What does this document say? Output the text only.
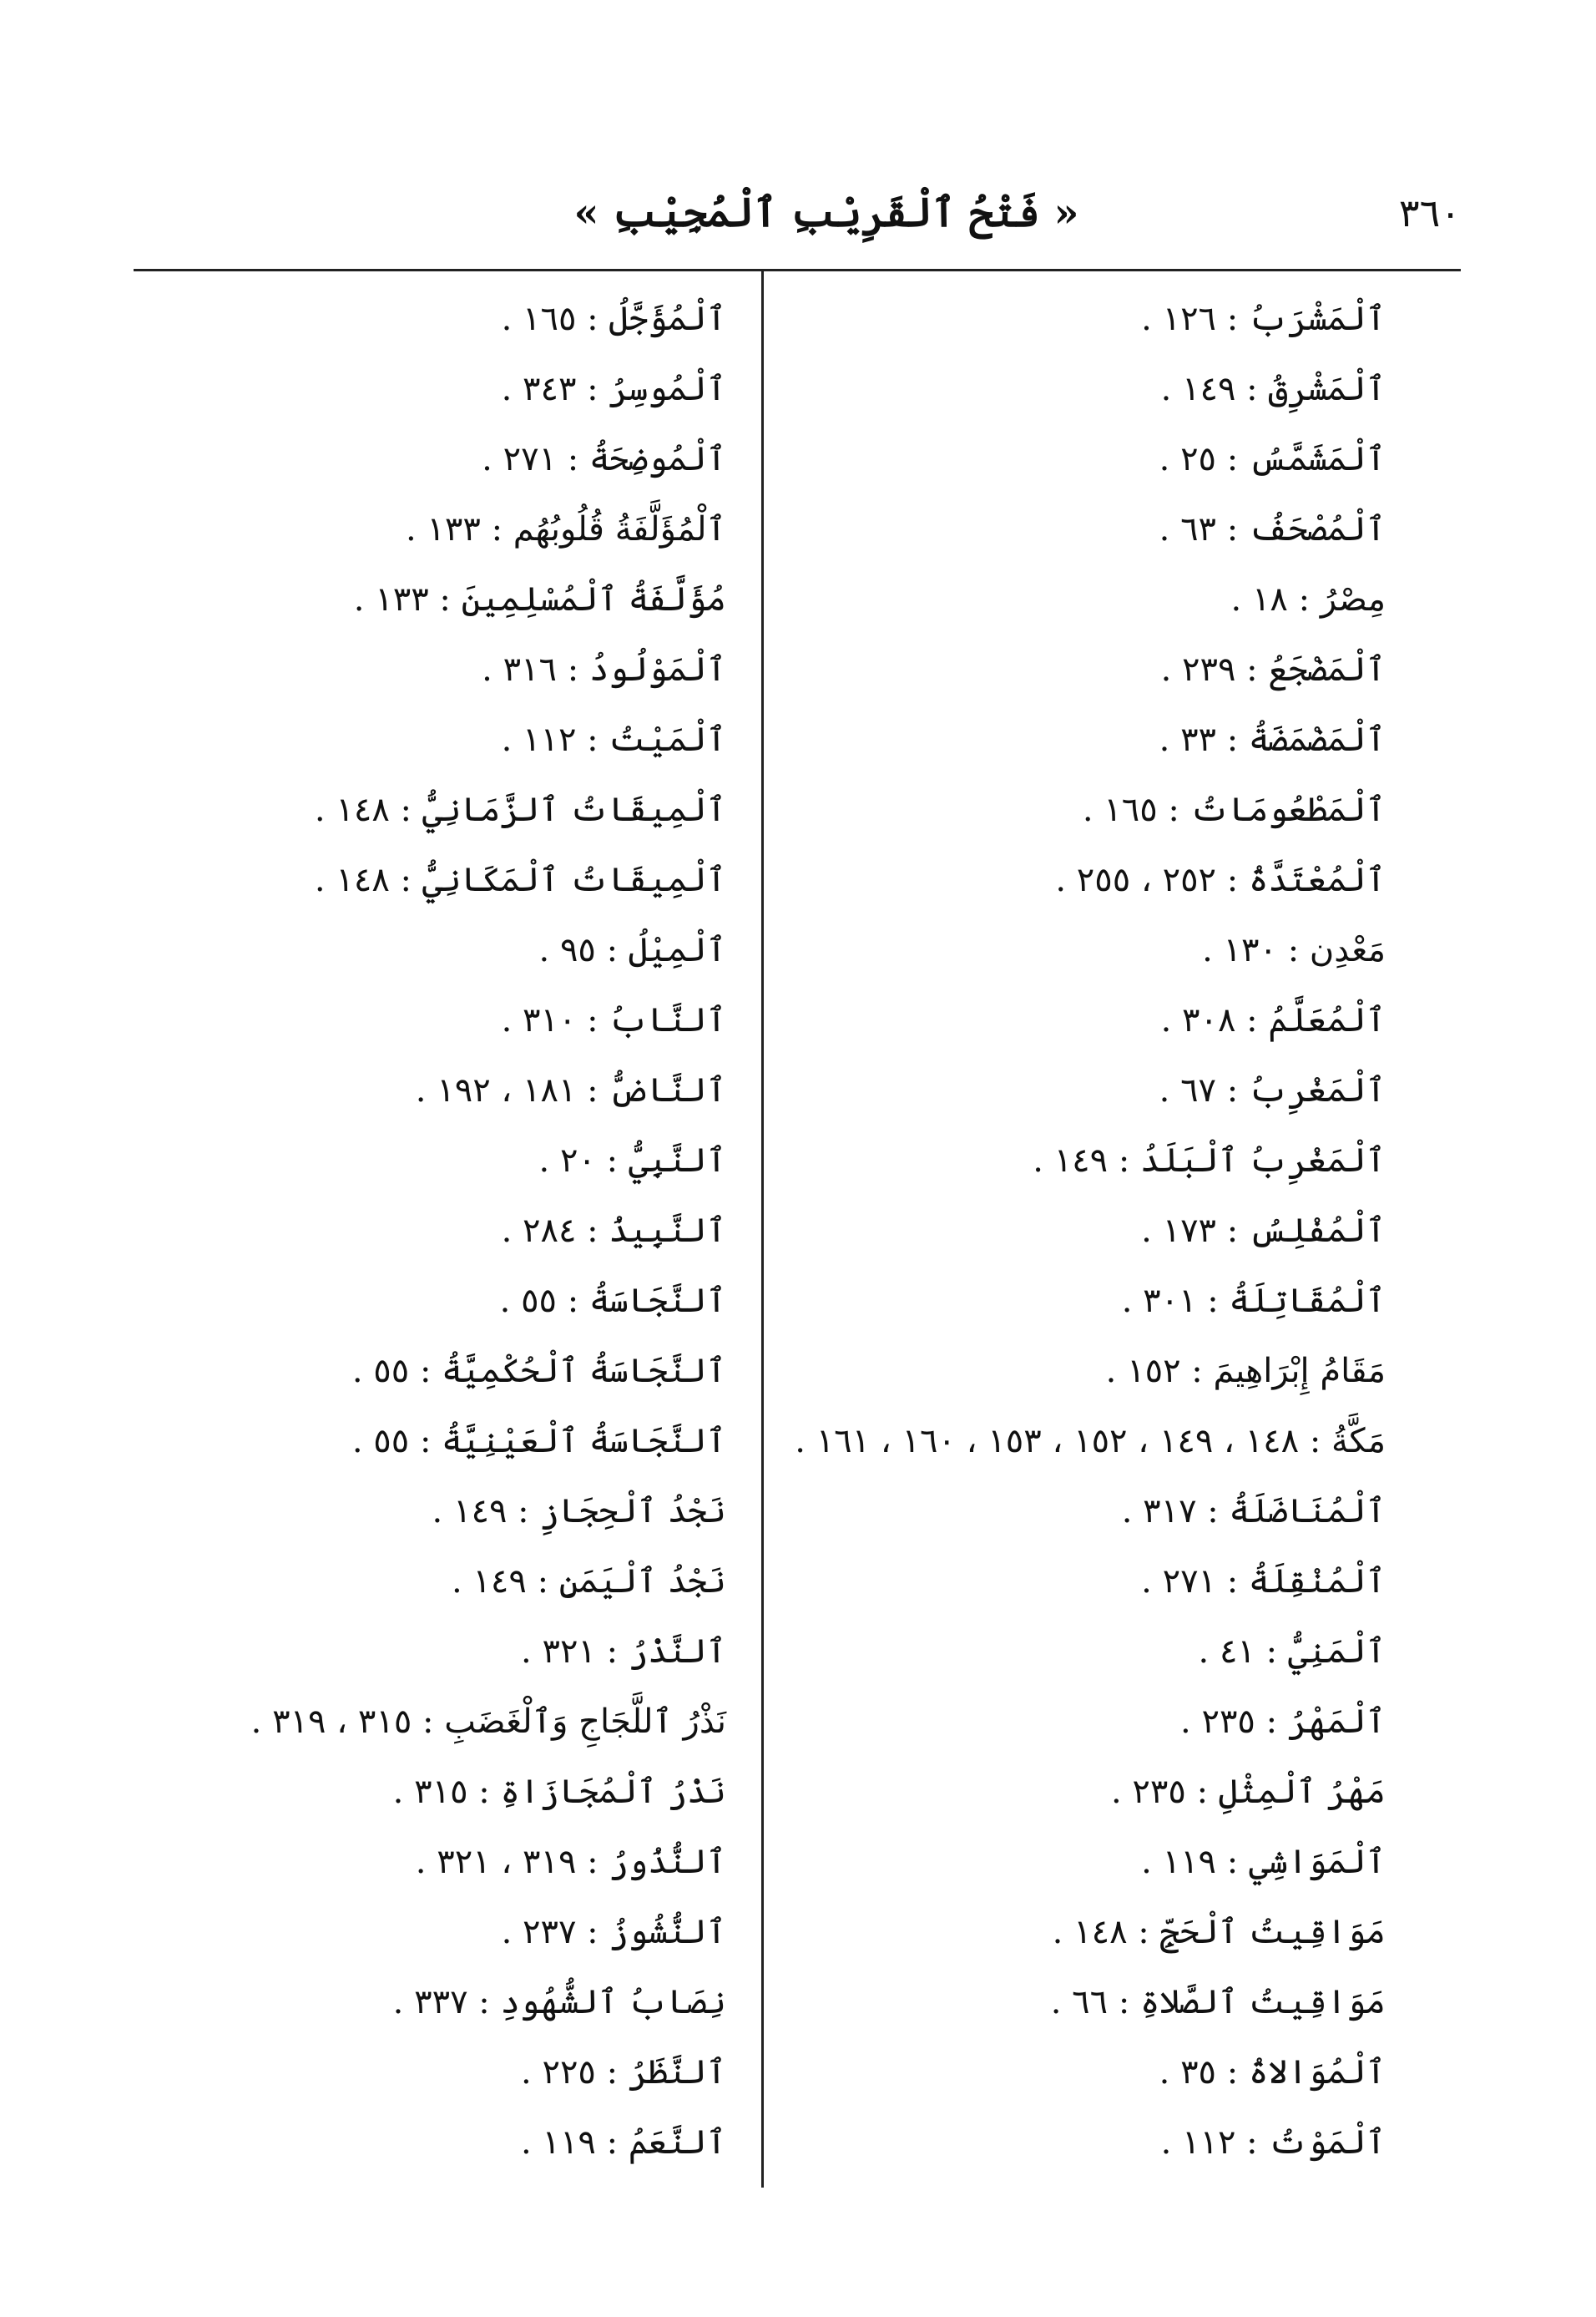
٣٦٠
« فَتْحُ ٱلْقَرِيْبِ ٱلْمُجِيْبِ »
ٱلْمَشْرَبُ : ١٢٦ .
ٱلْمَشْرِقُ : ١٤٩ .
ٱلْمَشَمَّسُ : ٢٥ .
ٱلْمُصْحَفُ : ٦٣ .
مِصْرُ : ١٨ .
ٱلْمَضْجَعُ : ٢٣٩ .
ٱلْمَضْمَضَةُ : ٣٣ .
ٱلْمَطْعُومَاتُ : ١٦٥ .
ٱلْمُعْتَدَّةُ : ٢٥٢ ، ٢٥٥ .
مَعْدِن : ١٣٠ .
ٱلْمُعَلَّمُ : ٣٠٨ .
ٱلْمَغْرِبُ : ٦٧ .
ٱلْمَغْرِبُ ٱلْبَلَدُ : ١٤٩ .
ٱلْمُفْلِسُ : ١٧٣ .
ٱلْمُقَاتِلَةُ : ٣٠١ .
مَقَامُ إِبْرَاهِيمَ : ١٥٢ .
مَكَّةُ : ١٤٨ ، ١٤٩ ، ١٥٢ ، ١٥٣ ، ١٦٠ ، ١٦١ .
ٱلْمُنَاضَلَةُ : ٣١٧ .
ٱلْمُنْقِلَةُ : ٢٧١ .
ٱلْمَنِيُّ : ٤١ .
ٱلْمَهْرُ : ٢٣٥ .
مَهْرُ ٱلْمِثْلِ : ٢٣٥ .
ٱلْمَوَاشِي : ١١٩ .
مَوَاقِيتُ ٱلْحَجِّ : ١٤٨ .
مَوَاقِيتُ ٱلصَّلاةِ : ٦٦ .
ٱلْمُوَالاةُ : ٣٥ .
ٱلْمَوْتُ : ١١٢ .
ٱلْمُؤَجَّلُ : ١٦٥ .
ٱلْمُوسِرُ : ٣٤٣ .
ٱلْمُوضِحَةُ : ٢٧١ .
ٱلْمُؤَلَّفَةُ قُلُوبُهُم : ١٣٣ .
مُؤَلَّفَةُ ٱلْمُسْلِمِينَ : ١٣٣ .
ٱلْمَوْلُودُ : ٣١٦ .
ٱلْمَيْتُ : ١١٢ .
ٱلْمِيقَاتُ ٱلزَّمَانِيُّ : ١٤٨ .
ٱلْمِيقَاتُ ٱلْمَكَانِيُّ : ١٤٨ .
ٱلْمِيْلُ : ٩٥ .
ٱلنَّابُ : ٣١٠ .
ٱلنَّاضُّ : ١٨١ ، ١٩٢ .
ٱلنَّبِيُّ : ٢٠ .
ٱلنَّبِيذُ : ٢٨٤ .
ٱلنَّجَاسَةُ : ٥٥ .
ٱلنَّجَاسَةُ ٱلْحُكْمِيَّةُ : ٥٥ .
ٱلنَّجَاسَةُ ٱلْعَيْنِيَّةُ : ٥٥ .
نَجْدُ ٱلْحِجَازِ : ١٤٩ .
نَجْدُ ٱلْيَمَنِ : ١٤٩ .
ٱلنَّذْرُ : ٣٢١ .
نَذْرُ ٱللَّجَاجِ وَٱلْغَضَبِ : ٣١٥ ، ٣١٩ .
نَذْرُ ٱلْمُجَازَاةِ : ٣١٥ .
ٱلنُّذُورُ : ٣١٩ ، ٣٢١ .
ٱلنُّشُوزُ : ٢٣٧ .
نِصَابُ ٱلشُّهُودِ : ٣٣٧ .
ٱلنَّظَرُ : ٢٢٥ .
ٱلنَّعَمُ : ١١٩ .
